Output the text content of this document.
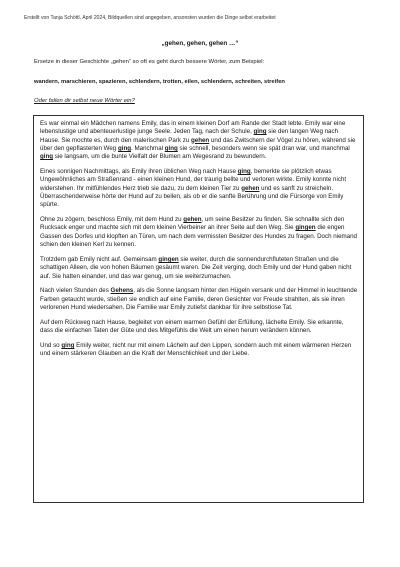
Erstellt von Tanja Schöttl, April 2024, Bildquellen sind angegeben, ansonsten wurden die Dinge selbst erarbeitet
„gehen, gehen, gehen …“
Ersetze in dieser Geschichte „gehen“ so oft es geht durch bessere Wörter, zum Beispiel:
wandern, marschieren, spazieren, schlendern, trotten, eilen, schlendern, schreiten, streifen
Oder fallen dir selbst neue Wörter ein?

Es war einmal ein Mädchen namens Emily, das in einem kleinen Dorf am Rande der Stadt lebte. Emily war eine lebenslustige und abenteuerlustige junge Seele. Jeden Tag, nach der Schule, ging sie den langen Weg nach Hause. Sie mochte es, durch den malerischen Park zu gehen und das Zwitschern der Vögel zu hören, während sie über den gepflasterten Weg ging. Manchmal ging sie schnell, besonders wenn sie spät dran war, und manchmal ging sie langsam, um die bunte Vielfalt der Blumen am Wegesrand zu bewundern.

Eines sonnigen Nachmittags, als Emily ihren üblichen Weg nach Hause ging, bemerkte sie plötzlich etwas Ungewöhnliches am Straßenrand - einen kleinen Hund, der traurig bellte und verloren wirkte. Emily konnte nicht widerstehen. Ihr mitfühlendes Herz trieb sie dazu, zu dem kleinen Tier zu gehen und es sanft zu streicheln. Überraschenderweise hörte der Hund auf zu bellen, als ob er die sanfte Berührung und die Fürsorge von Emily spürte.

Ohne zu zögern, beschloss Emily, mit dem Hund zu gehen, um seine Besitzer zu finden. Sie schnallte sich den Rucksack enger und machte sich mit dem kleinen Vierbeiner an ihrer Seite auf den Weg. Sie gingen die engen Gassen des Dorfes und klopften an Türen, um nach dem vermissten Besitzer des Hundes zu fragen. Doch niemand schien den kleinen Kerl zu kennen.

Trotzdem gab Emily nicht auf. Gemeinsam gingen sie weiter, durch die sonnendurchfluteten Straßen und die schattigen Alleen, die von hohen Bäumen gesäumt waren. Die Zeit verging, doch Emily und der Hund gaben nicht auf. Sie hatten einander, und das war genug, um sie weiterzumachen.

Nach vielen Stunden des Gehens, als die Sonne langsam hinter den Hügeln versank und der Himmel in leuchtende Farben getaucht wurde, stießen sie endlich auf eine Familie, deren Gesichter vor Freude strahlten, als sie ihren verlorenen Hund wiedersahen. Die Familie war Emily zutiefst dankbar für ihre selbstlose Tat.

Auf dem Rückweg nach Hause, begleitet von einem warmen Gefühl der Erfüllung, lächelte Emily. Sie erkannte, dass die einfachen Taten der Güte und des Mitgefühls die Welt um einen herum verändern können.

Und so ging Emily weiter, nicht nur mit einem Lächeln auf den Lippen, sondern auch mit einem wärmeren Herzen und einem stärkeren Glauben an die Kraft der Menschlichkeit und der Liebe.
